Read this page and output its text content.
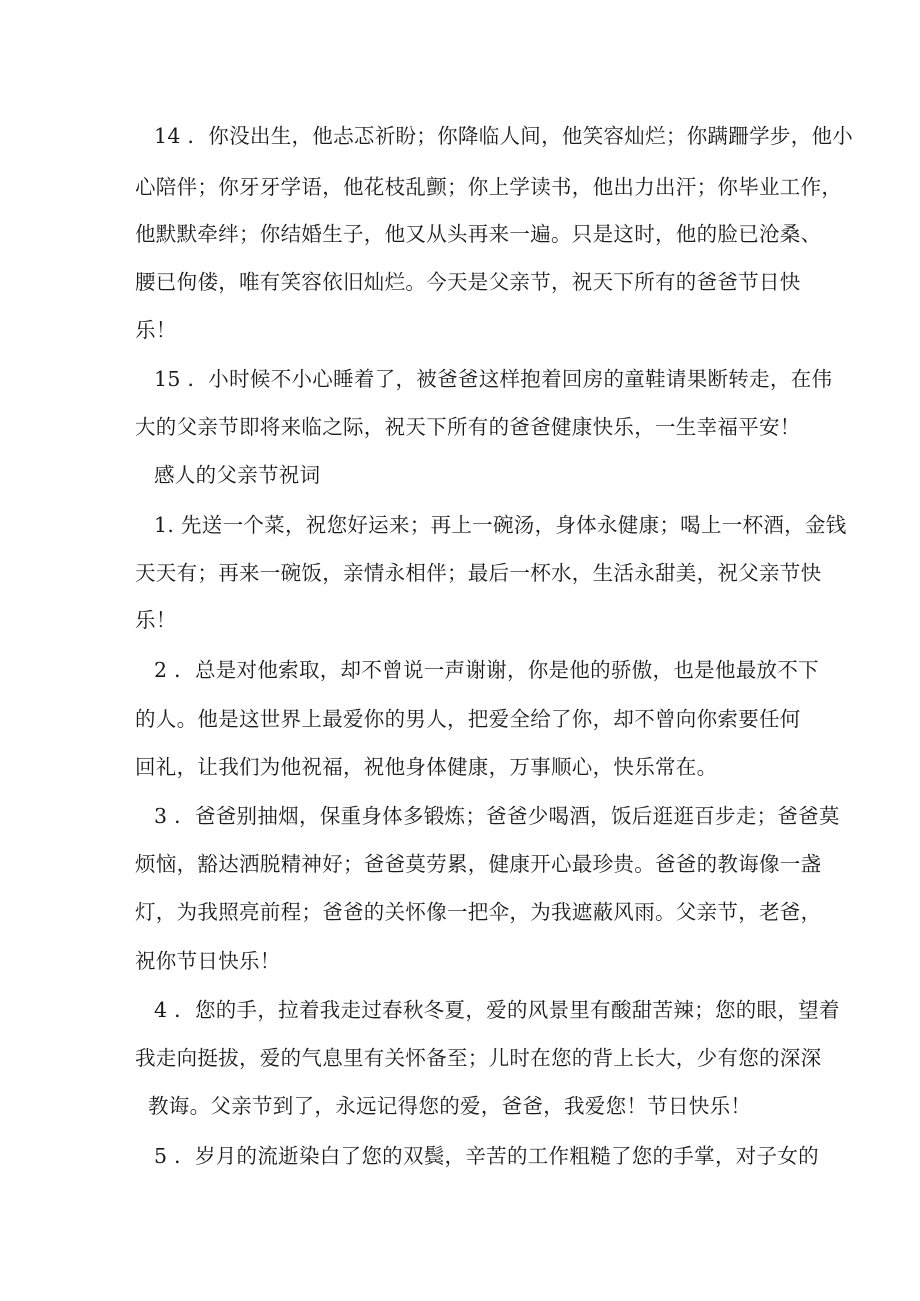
14 ．你没出生，他忐忑祈盼；你降临人间，他笑容灿烂；你蹒跚学步，他小
心陪伴；你牙牙学语，他花枝乱颤；你上学读书，他出力出汗；你毕业工作，
他默默牵绊；你结婚生子，他又从头再来一遍。只是这时，他的脸已沧桑、
腰已佝偻，唯有笑容依旧灿烂。今天是父亲节，祝天下所有的爸爸节日快
乐！
15 ．小时候不小心睡着了，被爸爸这样抱着回房的童鞋请果断转走，在伟
大的父亲节即将来临之际，祝天下所有的爸爸健康快乐，一生幸福平安！
感人的父亲节祝词
1. 先送一个菜，祝您好运来；再上一碗汤，身体永健康；喝上一杯酒，金钱
天天有；再来一碗饭，亲情永相伴；最后一杯水，生活永甜美，祝父亲节快
乐！
2 ．总是对他索取，却不曾说一声谢谢，你是他的骄傲，也是他最放不下
的人。他是这世界上最爱你的男人，把爱全给了你，却不曾向你索要任何
回礼，让我们为他祝福，祝他身体健康，万事顺心，快乐常在。
3 ．爸爸别抽烟，保重身体多锻炼；爸爸少喝酒，饭后逛逛百步走；爸爸莫
烦恼，豁达洒脱精神好；爸爸莫劳累，健康开心最珍贵。爸爸的教诲像一盏
灯，为我照亮前程；爸爸的关怀像一把伞，为我遮蔽风雨。父亲节，老爸，
祝你节日快乐！
4 ．您的手，拉着我走过春秋冬夏，爱的风景里有酸甜苦辣；您的眼，望着
我走向挺拔，爱的气息里有关怀备至；儿时在您的背上长大，少有您的深深
教诲。父亲节到了，永远记得您的爱，爸爸，我爱您！节日快乐！
5 ．岁月的流逝染白了您的双鬓，辛苦的工作粗糙了您的手掌，对子女的
